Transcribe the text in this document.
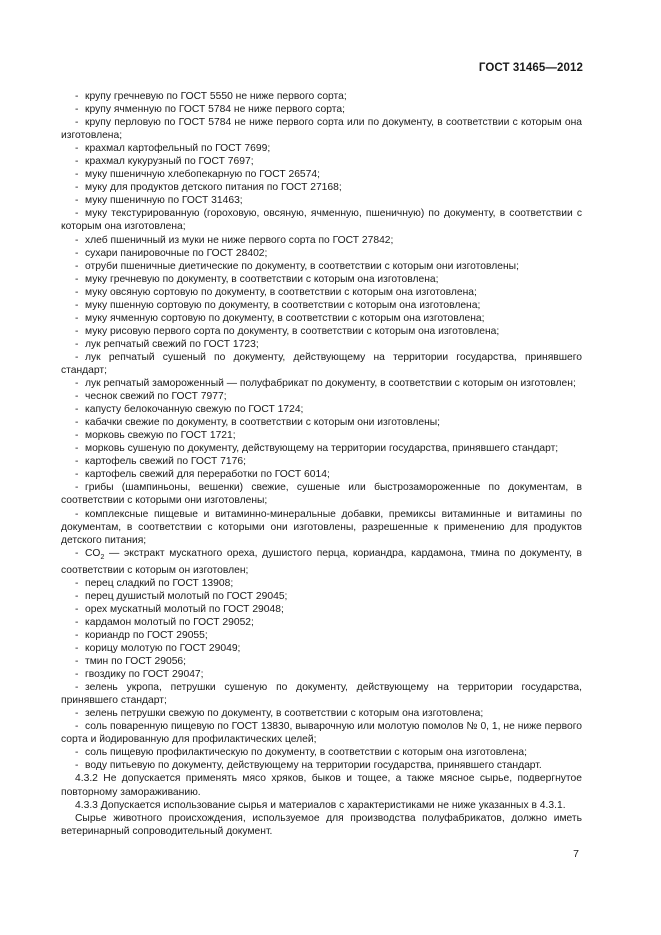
ГОСТ 31465—2012
- крупу гречневую по ГОСТ 5550 не ниже первого сорта;
- крупу ячменную по ГОСТ 5784 не ниже первого сорта;
- крупу перловую по ГОСТ 5784 не ниже первого сорта или по документу, в соответствии с которым она изготовлена;
- крахмал картофельный по ГОСТ 7699;
- крахмал кукурузный по ГОСТ 7697;
- муку пшеничную хлебопекарную по ГОСТ 26574;
- муку для продуктов детского питания по ГОСТ 27168;
- муку пшеничную по ГОСТ 31463;
- муку текстурированную (гороховую, овсяную, ячменную, пшеничную) по документу, в соответствии с которым она изготовлена;
- хлеб пшеничный из муки не ниже первого сорта по ГОСТ 27842;
- сухари панировочные по ГОСТ 28402;
- отруби пшеничные диетические по документу, в соответствии с которым они изготовлены;
- муку гречневую по документу, в соответствии с которым она изготовлена;
- муку овсяную сортовую по документу, в соответствии с которым она изготовлена;
- муку пшенную сортовую по документу, в соответствии с которым она изготовлена;
- муку ячменную сортовую по документу, в соответствии с которым она изготовлена;
- муку рисовую первого сорта по документу, в соответствии с которым она изготовлена;
- лук репчатый свежий по ГОСТ 1723;
- лук репчатый сушеный по документу, действующему на территории государства, принявшего стандарт;
- лук репчатый замороженный — полуфабрикат по документу, в соответствии с которым он изготовлен;
- чеснок свежий по ГОСТ 7977;
- капусту белокочанную свежую по ГОСТ 1724;
- кабачки свежие по документу, в соответствии с которым они изготовлены;
- морковь свежую по ГОСТ 1721;
- морковь сушеную по документу, действующему на территории государства, принявшего стандарт;
- картофель свежий по ГОСТ 7176;
- картофель свежий для переработки по ГОСТ 6014;
- грибы (шампиньоны, вешенки) свежие, сушеные или быстрозамороженные по документам, в соответствии с которыми они изготовлены;
- комплексные пищевые и витаминно-минеральные добавки, премиксы витаминные и витамины по документам, в соответствии с которыми они изготовлены, разрешенные к применению для продуктов детского питания;
- $CO_2$ — экстракт мускатного ореха, душистого перца, кориандра, кардамона, тмина по документу, в соответствии с которым он изготовлен;
- перец сладкий по ГОСТ 13908;
- перец душистый молотый по ГОСТ 29045;
- орех мускатный молотый по ГОСТ 29048;
- кардамон молотый по ГОСТ 29052;
- кориандр по ГОСТ 29055;
- корицу молотую по ГОСТ 29049;
- тмин по ГОСТ 29056;
- гвоздику по ГОСТ 29047;
- зелень укропа, петрушки сушеную по документу, действующему на территории государства, принявшего стандарт;
- зелень петрушки свежую по документу, в соответствии с которым она изготовлена;
- соль поваренную пищевую по ГОСТ 13830, выварочную или молотую помолов № 0, 1, не ниже первого сорта и йодированную для профилактических целей;
- соль пищевую профилактическую по документу, в соответствии с которым она изготовлена;
- воду питьевую по документу, действующему на территории государства, принявшего стандарт.

4.3.2 Не допускается применять мясо хряков, быков и тощее, а также мясное сырье, подвергнутое повторному замораживанию.

4.3.3 Допускается использование сырья и материалов с характеристиками не ниже указанных в 4.3.1.

Сырье животного происхождения, используемое для производства полуфабрикатов, должно иметь ветеринарный сопроводительный документ.

7
